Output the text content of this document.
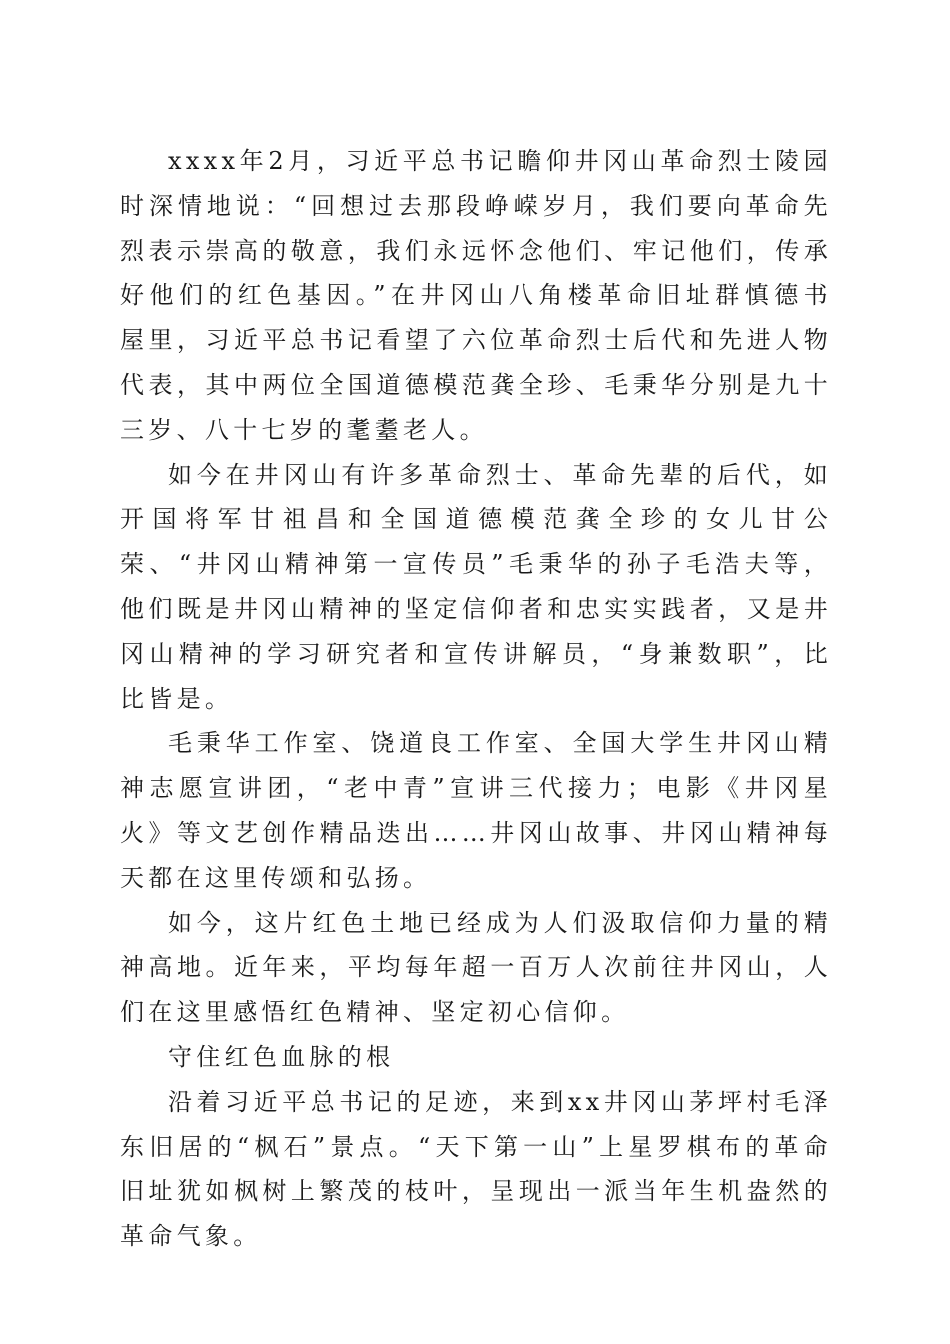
xxxx年2月，习近平总书记瞻仰井冈山革命烈士陵园时深情地说：“回想过去那段峥嵘岁月，我们要向革命先烈表示崇高的敬意，我们永远怀念他们、牢记他们，传承好他们的红色基因。”在井冈山八角楼革命旧址群慎德书屋里，习近平总书记看望了六位革命烈士后代和先进人物代表，其中两位全国道德模范龚全珍、毛秉华分别是九十三岁、八十七岁的耄耋老人。

如今在井冈山有许多革命烈士、革命先辈的后代，如开国将军甘祖昌和全国道德模范龚全珍的女儿甘公荣、“井冈山精神第一宣传员”毛秉华的孙子毛浩夫等，他们既是井冈山精神的坚定信仰者和忠实实践者，又是井冈山精神的学习研究者和宣传讲解员，“身兼数职”，比比皆是。

毛秉华工作室、饶道良工作室、全国大学生井冈山精神志愿宣讲团，“老中青”宣讲三代接力；电影《井冈星火》等文艺创作精品迭出……井冈山故事、井冈山精神每天都在这里传颂和弘扬。

如今，这片红色土地已经成为人们汲取信仰力量的精神高地。近年来，平均每年超一百万人次前往井冈山，人们在这里感悟红色精神、坚定初心信仰。

守住红色血脉的根

沿着习近平总书记的足迹，来到xx井冈山茅坪村毛泽东旧居的“枫石”景点。“天下第一山”上星罗棋布的革命旧址犹如枫树上繁茂的枝叶，呈现出一派当年生机盎然的革命气象。
